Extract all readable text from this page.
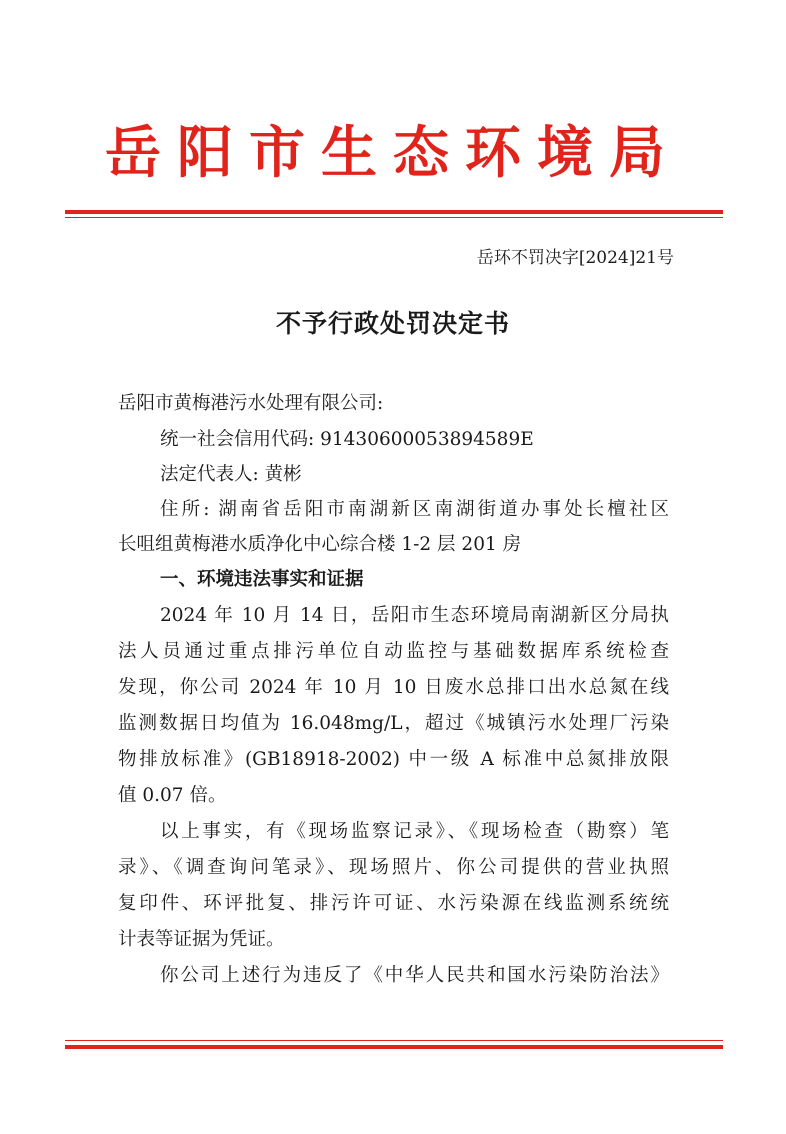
岳阳市生态环境局
岳环不罚决字[2024]21号
不予行政处罚决定书
岳阳市黄梅港污水处理有限公司:
统一社会信用代码: 91430600053894589E
法定代表人: 黄彬
住所: 湖南省岳阳市南湖新区南湖街道办事处长檀社区
长咀组黄梅港水质净化中心综合楼 1-2 层 201 房
一、环境违法事实和证据
2024 年 10 月 14 日，岳阳市生态环境局南湖新区分局执
法人员通过重点排污单位自动监控与基础数据库系统检查
发现，你公司 2024 年 10 月 10 日废水总排口出水总氮在线
监测数据日均值为 16.048mg/L，超过《城镇污水处理厂污染
物排放标准》(GB18918-2002) 中一级 A 标准中总氮排放限
值 0.07 倍。
以上事实，有《现场监察记录》、《现场检查（勘察）笔
录》、《调查询问笔录》、现场照片、你公司提供的营业执照
复印件、环评批复、排污许可证、水污染源在线监测系统统
计表等证据为凭证。
你公司上述行为违反了《中华人民共和国水污染防治法》
